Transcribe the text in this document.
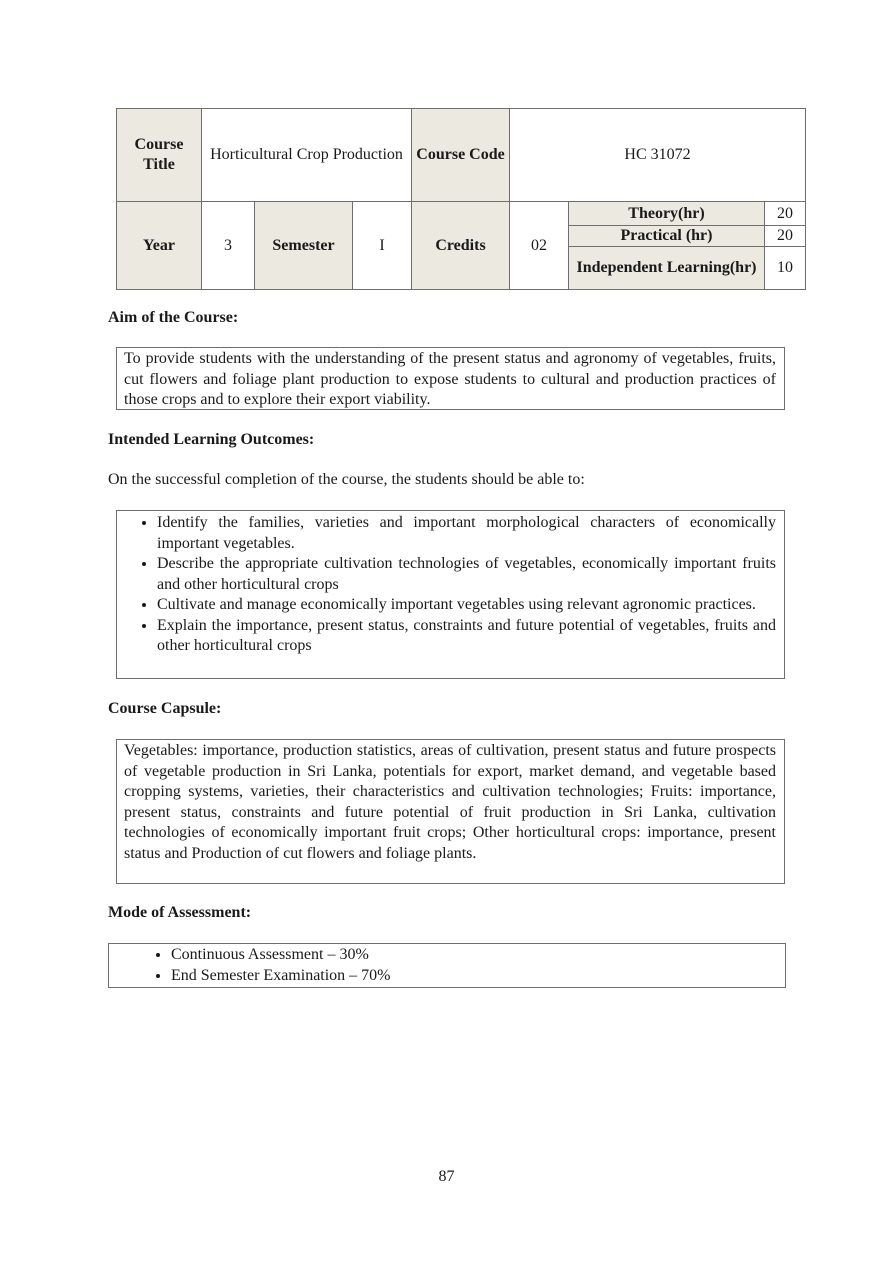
Course Title	Horticultural Crop Production			Course Code	HC 31072		
Year	3	Semester	I	Credits	02	Theory(hr)	20
						Practical (hr)	20
						Independent Learning(hr)	10
Aim of the Course:

To provide students with the understanding of the present status and agronomy of vegetables, fruits, cut flowers and foliage plant production to expose students to cultural and production practices of those crops and to explore their export viability.

Intended Learning Outcomes:

On the successful completion of the course, the students should be able to:

• Identify the families, varieties and important morphological characters of economically important vegetables.
• Describe the appropriate cultivation technologies of vegetables, economically important fruits and other horticultural crops
• Cultivate and manage economically important vegetables using relevant agronomic practices.
• Explain the importance, present status, constraints and future potential of vegetables, fruits and other horticultural crops
Course Capsule:

Vegetables: importance, production statistics, areas of cultivation, present status and future prospects of vegetable production in Sri Lanka, potentials for export, market demand, and vegetable based cropping systems, varieties, their characteristics and cultivation technologies; Fruits: importance, present status, constraints and future potential of fruit production in Sri Lanka, cultivation technologies of economically important fruit crops; Other horticultural crops: importance, present status and Production of cut flowers and foliage plants.

Mode of Assessment:
• Continuous Assessment – 30%
• End Semester Examination – 70%
87
